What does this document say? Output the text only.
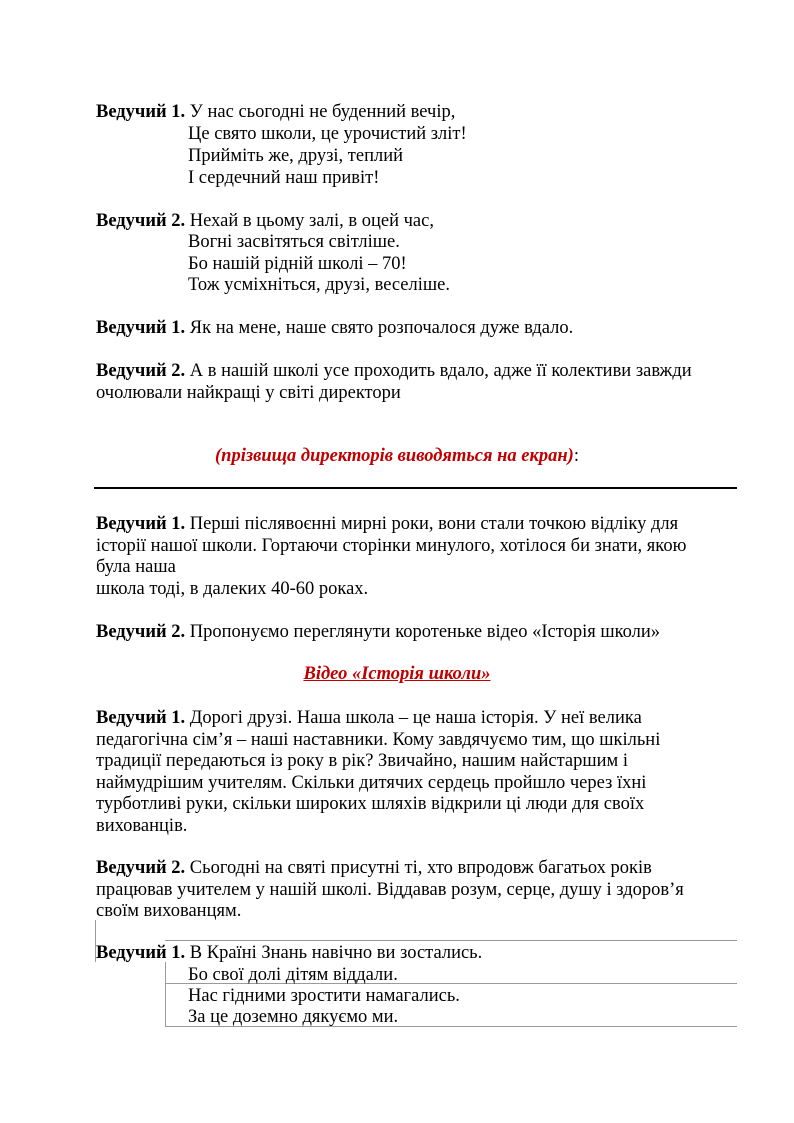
Ведучий 1. У нас сьогодні не буденний вечір,
Це свято школи, це урочистий зліт!
Прийміть же, друзі, теплий
І сердечний наш привіт!
Ведучий 2. Нехай в цьому залі, в оцей час,
Вогні засвітяться світліше.
Бо нашій рідній школі – 70!
Тож усміхніться, друзі, веселіше.
Ведучий 1. Як на мене, наше свято розпочалося дуже вдало.
Ведучий 2. А в нашій школі усе проходить вдало, адже її колективи завжди
очолювали найкращі у світі директори
(прізвища директорів виводяться на екран):
Ведучий 1. Перші післявоєнні мирні роки, вони стали точкою відліку для
історії нашої школи. Гортаючи сторінки минулого, хотілося би знати, якою
була наша
школа тоді, в далеких 40-60 роках.
Ведучий 2. Пропонуємо переглянути коротеньке відео «Історія школи»
Відео «Історія школи»
Ведучий 1. Дорогі друзі. Наша школа – це наша історія. У неї велика
педагогічна сім’я – наші наставники. Кому завдячуємо тим, що шкільні
традиції передаються із року в рік? Звичайно, нашим найстаршим і
наймудрішим учителям. Скільки дитячих сердець пройшло через їхні
турботливі руки, скільки широких шляхів відкрили ці люди для своїх
вихованців.
Ведучий 2. Сьогодні на святі присутні ті, хто впродовж багатьох років
працював учителем у нашій школі. Віддавав розум, серце, душу і здоров’я
своїм вихованцям.
Ведучий 1. В Країні Знань навічно ви зостались.
Бо свої долі дітям віддали.
Нас гідними зростити намагались.
За це доземно дякуємо ми.
